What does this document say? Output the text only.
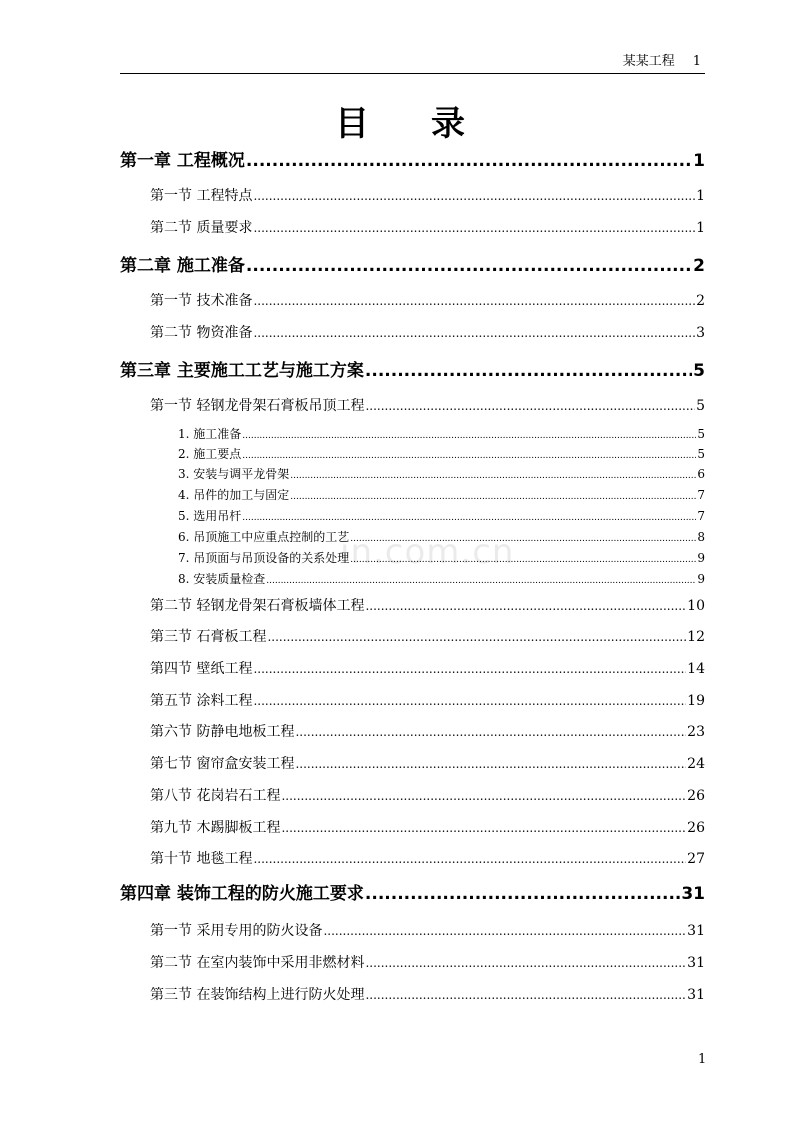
某某工程 1
目录
第一章 工程概况 .....	1
第一节 工程特点 .....	1
第二节 质量要求 .....	1
第二章 施工准备 .....	2
第一节 技术准备 .....	2
第二节 物资准备 .....	3
第三章 主要施工工艺与施工方案 .....	5
第一节 轻钢龙骨架石膏板吊顶工程 .....	5
1. 施工准备 .....	5
2. 施工要点 .....	5
3. 安装与调平龙骨架 .....	6
4. 吊件的加工与固定 .....	7
5. 选用吊杆 .....	7
6. 吊顶施工中应重点控制的工艺 .....	8
7. 吊顶面与吊顶设备的关系处理 .....	9
8. 安装质量检查 .....	9
第二节 轻钢龙骨架石膏板墙体工程 .....	10
第三节 石膏板工程 .....	12
第四节 壁纸工程 .....	14
第五节 涂料工程 .....	19
第六节 防静电地板工程 .....	23
第七节 窗帘盒安装工程 .....	24
第八节 花岗岩石工程 .....	26
第九节 木踢脚板工程 .....	26
第十节 地毯工程 .....	27
第四章 装饰工程的防火施工要求 .....	31
第一节 采用专用的防火设备 .....	31
第二节 在室内装饰中采用非燃材料 .....	31
第三节 在装饰结构上进行防火处理 .....	31
in.com.cn
1
